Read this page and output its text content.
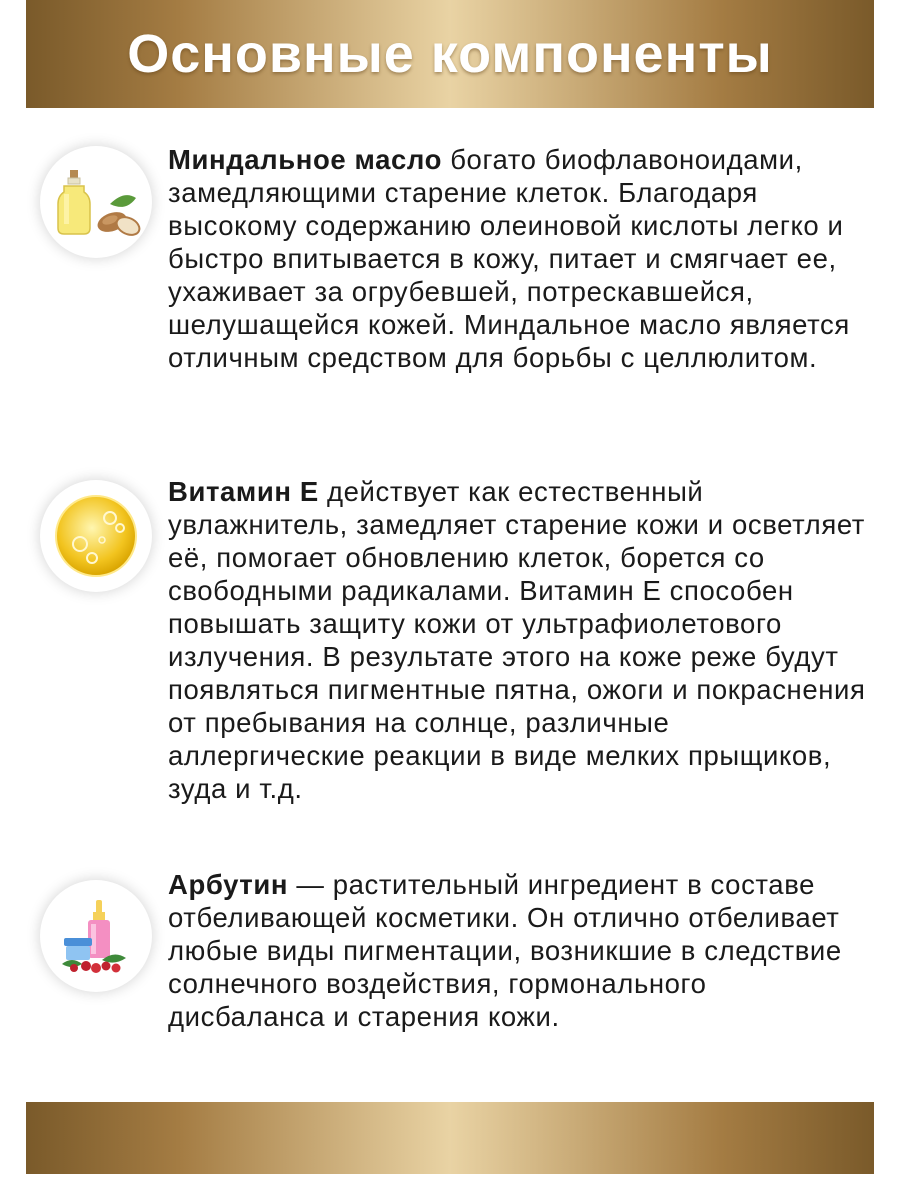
Основные компоненты

Миндальное масло богато биофлавоноидами, замедляющими старение клеток. Благодаря высокому содержанию олеиновой кислоты легко и быстро впитывается в кожу, питает и смягчает ее, ухаживает за огрубевшей, потрескавшейся, шелушащейся кожей. Миндальное масло является отличным средством для борьбы с целлюлитом.

Витамин Е действует как естественный увлажнитель, замедляет старение кожи и осветляет её, помогает обновлению клеток, борется со свободными радикалами. Витамин Е способен повышать защиту кожи от ультрафиолетового излучения. В результате этого на коже реже будут появляться пигментные пятна, ожоги и покраснения от пребывания на солнце, различные аллергические реакции в виде мелких прыщиков, зуда и т.д.

Арбутин — растительный ингредиент в составе отбеливающей косметики. Он отлично отбеливает любые виды пигментации, возникшие в следствие солнечного воздействия, гормонального дисбаланса и старения кожи.
